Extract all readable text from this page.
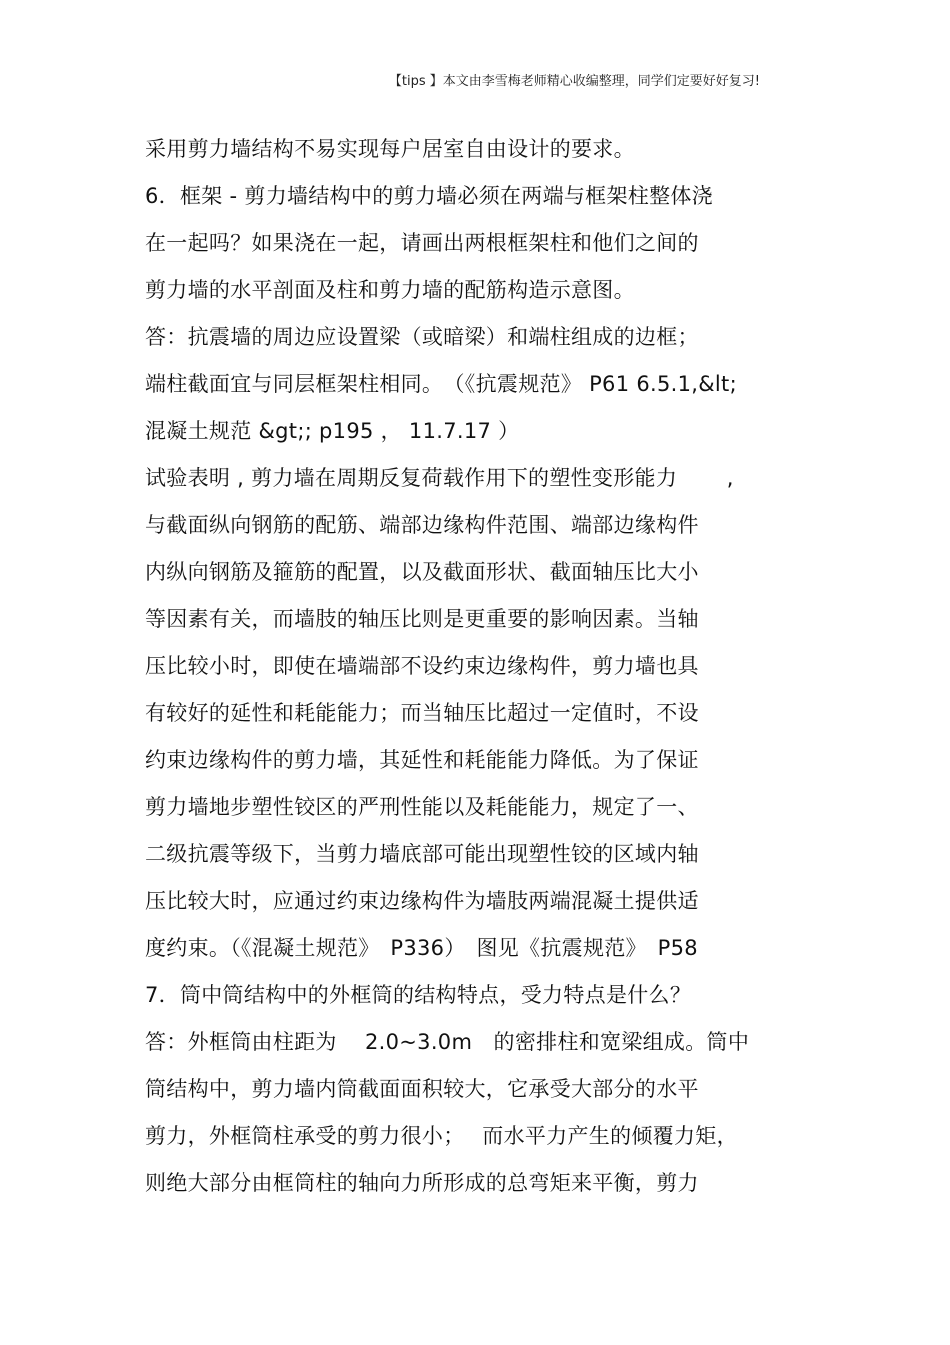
【tips 】本文由李雪梅老师精心收编整理，同学们定要好好复习!
采用剪力墙结构不易实现每户居室自由设计的要求。
6．框架 - 剪力墙结构中的剪力墙必须在两端与框架柱整体浇
在一起吗？如果浇在一起，请画出两根框架柱和他们之间的
剪力墙的水平剖面及柱和剪力墙的配筋构造示意图。
答：抗震墙的周边应设置梁（或暗梁）和端柱组成的边框；
端柱截面宜与同层框架柱相同。　（《抗震规范》 P61 6.5.1,&lt;
混凝土规范 &gt;; p195 ， 11.7.17 ）
试验表明 , 剪力墙在周期反复荷载作用下的塑性变形能力　　 ,
与截面纵向钢筋的配筋、端部边缘构件范围、端部边缘构件
内纵向钢筋及箍筋的配置，以及截面形状、截面轴压比大小
等因素有关，而墙肢的轴压比则是更重要的影响因素。当轴
压比较小时，即使在墙端部不设约束边缘构件，剪力墙也具
有较好的延性和耗能能力；而当轴压比超过一定值时，不设
约束边缘构件的剪力墙，其延性和耗能能力降低。为了保证
剪力墙地步塑性铰区的严刑性能以及耗能能力，规定了一、
二级抗震等级下，当剪力墙底部可能出现塑性铰的区域内轴
压比较大时，应通过约束边缘构件为墙肢两端混凝土提供适
度约束。（《混凝土规范》　P336）　图见《抗震规范》　P58
7．筒中筒结构中的外框筒的结构特点，受力特点是什么？
答：外框筒由柱距为　 2.0~3.0m　的密排柱和宽梁组成。筒中
筒结构中，剪力墙内筒截面面积较大，它承受大部分的水平
剪力，外框筒柱承受的剪力很小；　 而水平力产生的倾覆力矩，
则绝大部分由框筒柱的轴向力所形成的总弯矩来平衡，剪力
